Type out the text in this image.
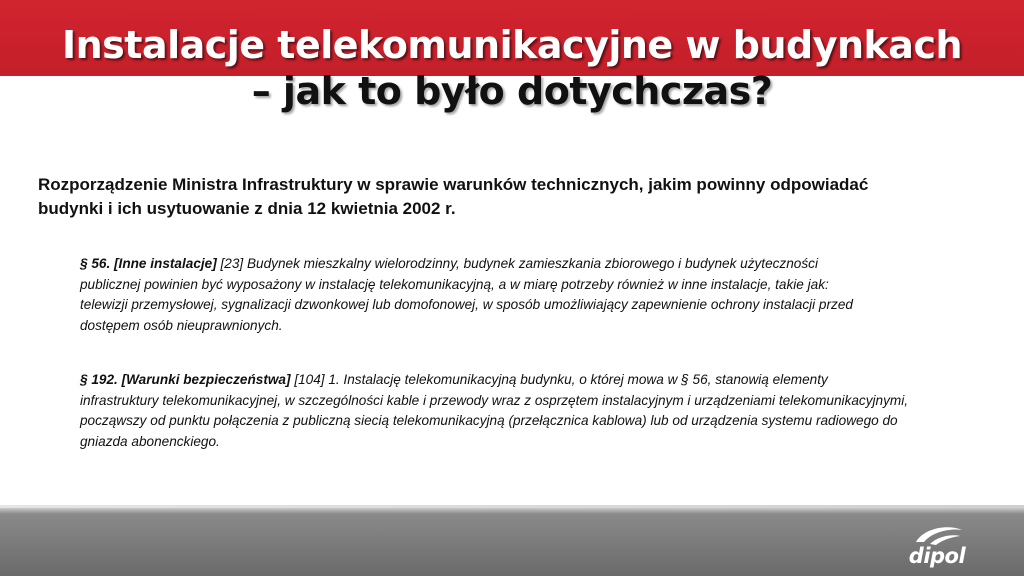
Instalacje telekomunikacyjne w budynkach
– jak to było dotychczas?

Rozporządzenie Ministra Infrastruktury w sprawie warunków technicznych, jakim powinny odpowiadać budynki i ich usytuowanie z dnia 12 kwietnia 2002 r.

§ 56. [Inne instalacje] [23] Budynek mieszkalny wielorodzinny, budynek zamieszkania zbiorowego i budynek użyteczności publicznej powinien być wyposażony w instalację telekomunikacyjną, a w miarę potrzeby również w inne instalacje, takie jak: telewizji przemysłowej, sygnalizacji dzwonkowej lub domofonowej, w sposób umożliwiający zapewnienie ochrony instalacji przed dostępem osób nieuprawnionych.

§ 192. [Warunki bezpieczeństwa] [104] 1. Instalację telekomunikacyjną budynku, o której mowa w § 56, stanowią elementy infrastruktury telekomunikacyjnej, w szczególności kable i przewody wraz z osprzętem instalacyjnym i urządzeniami telekomunikacyjnymi, począwszy od punktu połączenia z publiczną siecią telekomunikacyjną (przełącznica kablowa) lub od urządzenia systemu radiowego do gniazda abonenckiego.

dipol
